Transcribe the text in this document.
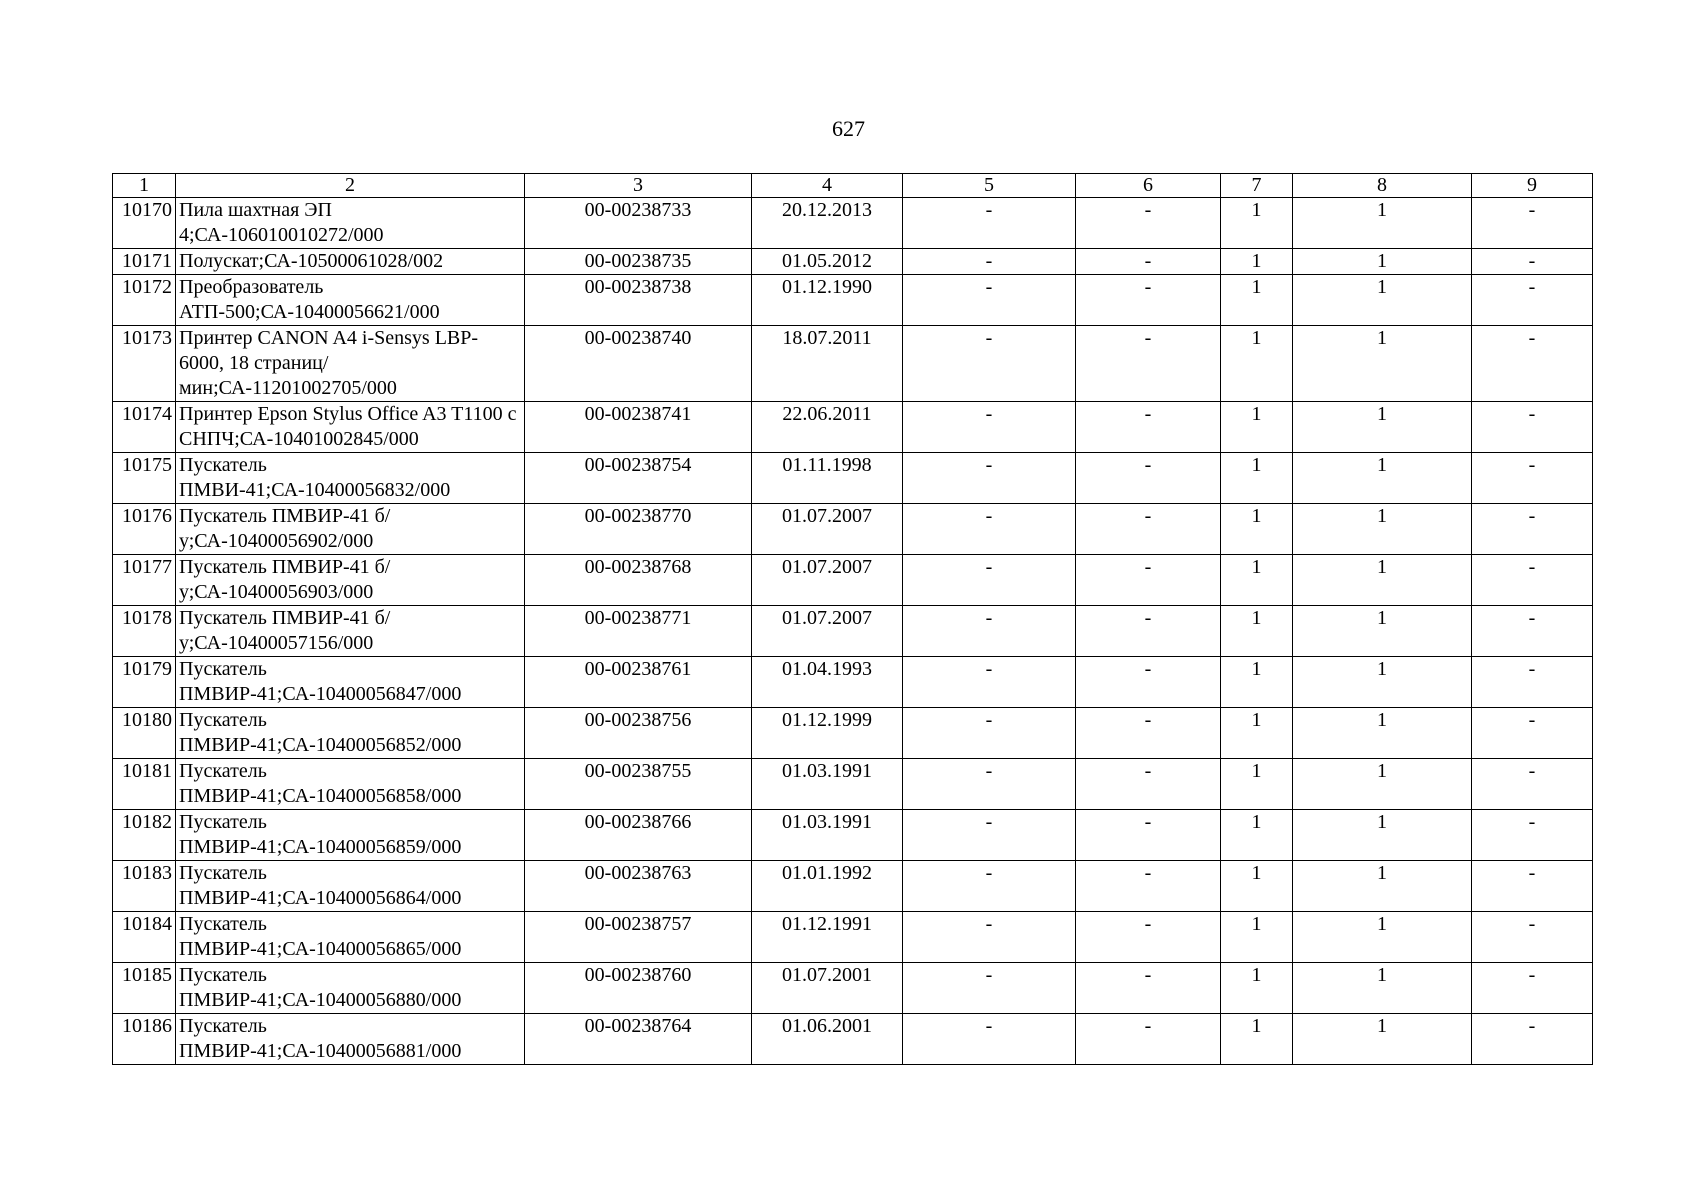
627
1	2	3	4	5	6	7	8	9
10170	Пила шахтная ЭП 4;СА-106010010272/000	00-00238733	20.12.2013	-	-	1	1	-
10171	Полускат;СА-10500061028/002	00-00238735	01.05.2012	-	-	1	1	-
10172	Преобразователь АТП-500;СА-10400056621/000	00-00238738	01.12.1990	-	-	1	1	-
10173	Принтер CANON A4 i-Sensys LBP-6000, 18 страниц/мин;СА-11201002705/000	00-00238740	18.07.2011	-	-	1	1	-
10174	Принтер Epson Stylus Office A3 T1100 с СНПЧ;СА-10401002845/000	00-00238741	22.06.2011	-	-	1	1	-
10175	Пускатель ПМВИ-41;СА-10400056832/000	00-00238754	01.11.1998	-	-	1	1	-
10176	Пускатель ПМВИР-41 б/у;СА-10400056902/000	00-00238770	01.07.2007	-	-	1	1	-
10177	Пускатель ПМВИР-41 б/у;СА-10400056903/000	00-00238768	01.07.2007	-	-	1	1	-
10178	Пускатель ПМВИР-41 б/у;СА-10400057156/000	00-00238771	01.07.2007	-	-	1	1	-
10179	Пускатель ПМВИР-41;СА-10400056847/000	00-00238761	01.04.1993	-	-	1	1	-
10180	Пускатель ПМВИР-41;СА-10400056852/000	00-00238756	01.12.1999	-	-	1	1	-
10181	Пускатель ПМВИР-41;СА-10400056858/000	00-00238755	01.03.1991	-	-	1	1	-
10182	Пускатель ПМВИР-41;СА-10400056859/000	00-00238766	01.03.1991	-	-	1	1	-
10183	Пускатель ПМВИР-41;СА-10400056864/000	00-00238763	01.01.1992	-	-	1	1	-
10184	Пускатель ПМВИР-41;СА-10400056865/000	00-00238757	01.12.1991	-	-	1	1	-
10185	Пускатель ПМВИР-41;СА-10400056880/000	00-00238760	01.07.2001	-	-	1	1	-
10186	Пускатель ПМВИР-41;СА-10400056881/000	00-00238764	01.06.2001	-	-	1	1	-
